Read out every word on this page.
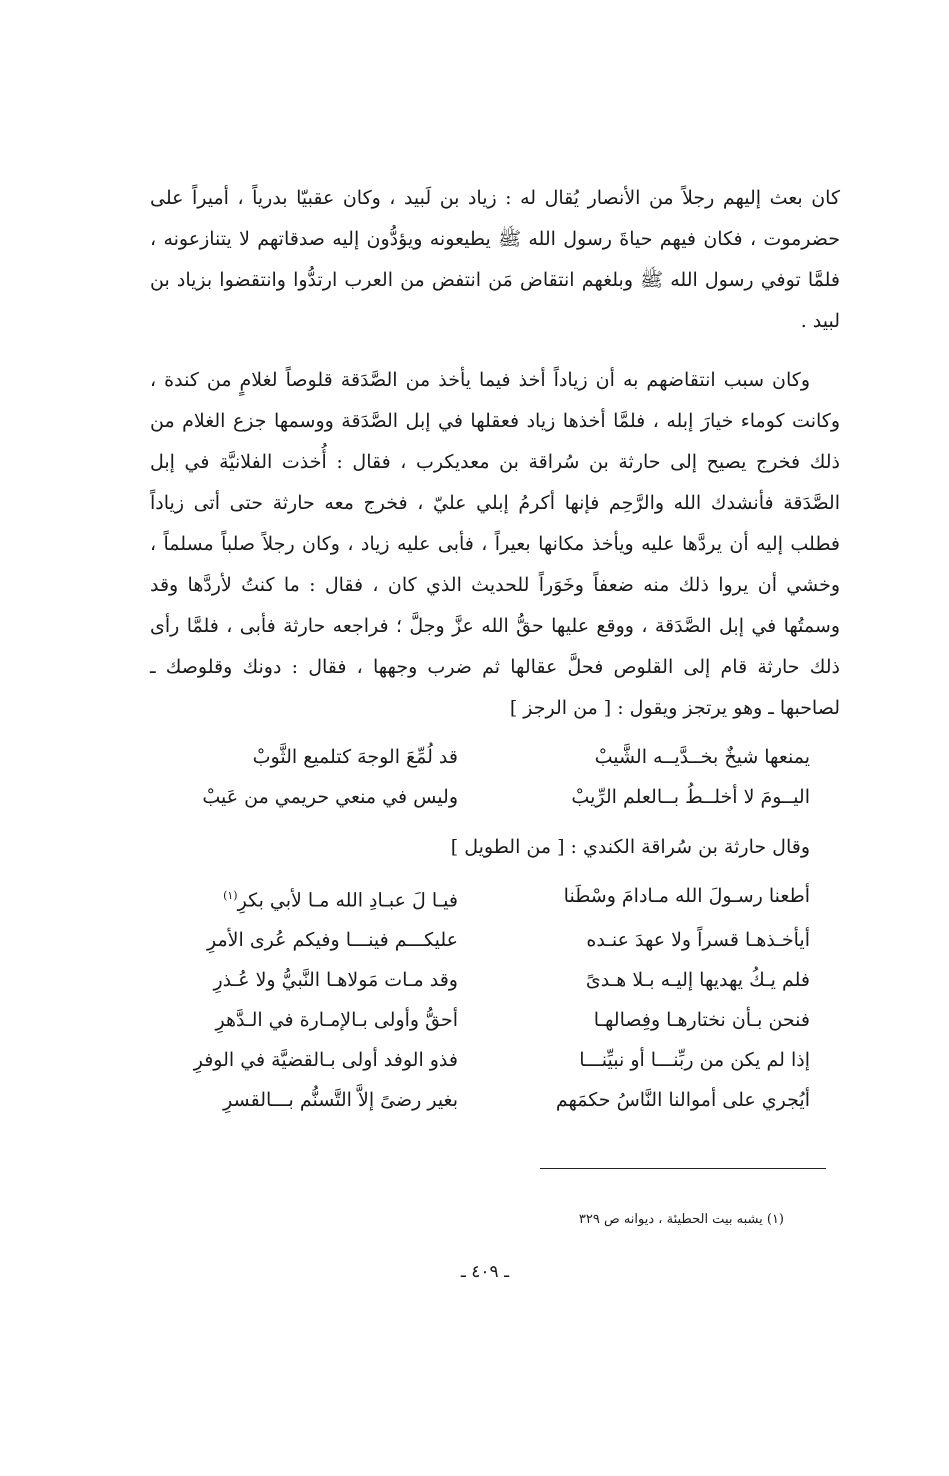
كان بعث إليهم رجلاً من الأنصار يُقال له : زياد بن لَبيد ، وكان عقبيّا بدرياً ، أميراً على حضرموت ، فكان فيهم حياةَ رسول الله ﷺ يطيعونه ويؤدُّون إليه صدقاتهم لا يتنازعونه ، فلمَّا توفي رسول الله ﷺ وبلغهم انتقاض مَن انتفض من العرب ارتدُّوا وانتقضوا بزياد بن لبيد .

وكان سبب انتقاضهم به أن زياداً أخذ فيما يأخذ من الصَّدَقة قلوصاً لغلامٍ من كندة ، وكانت كوماء خيارَ إبله ، فلمَّا أخذها زياد فعقلها في إبل الصَّدَقة ووسمها جزع الغلام من ذلك فخرج يصيح إلى حارثة بن سُراقة بن معديكرب ، فقال : أُخذت الفلانيَّة في إبل الصَّدَقة فأنشدك الله والرَّحِم فإنها أكرمُ إبلي عليّ ، فخرج معه حارثة حتى أتى زياداً فطلب إليه أن يردَّها عليه ويأخذ مكانها بعيراً ، فأبى عليه زياد ، وكان رجلاً صلباً مسلماً ، وخشي أن يروا ذلك منه ضعفاً وخَوَراً للحديث الذي كان ، فقال : ما كنتُ لأردَّها وقد وسمتُها في إبل الصَّدَقة ، ووقع عليها حقُّ الله عزَّ وجلَّ ؛ فراجعه حارثة فأبى ، فلمَّا رأى ذلك حارثة قام إلى القلوص فحلَّ عقالها ثم ضرب وجهها ، فقال : دونك وقلوصك ـ لصاحبها ـ وهو يرتجز ويقول : [ من الرجز ]

يمنعها شيخٌ بخــدَّيــه الشَّيبْ
قد لُمِّعَ الوجهَ كتلميع الثَّوبْ
اليــومَ لا أخلــطُ بــالعلم الرِّيبْ
وليس في منعي حريمي من عَيبْ

وقال حارثة بن سُراقة الكندي : [ من الطويل ]

أطعنا رسـولَ الله مـادامَ وسْطَنا
فيـا لَ عبـادِ الله مـا لأبي بكرِ$^{(١)}$
أيأخـذهـا قسراً ولا عهدَ عنـده
عليكـــم فينـــا وفيكم عُرى الأمرِ
فلم يـكُ يهديها إليـه بـلا هـدىً
وقد مـات مَولاهـا النَّبيُّ ولا عُـذرِ
فنحن بـأن نختارهـا وفِصالهـا
أحقُّ وأولى بـالإمـارة في الـدَّهرِ
إذا لم يكن من ربِّنـــا أو نبيِّنـــا
فذو الوفد أولى بـالقضيَّة في الوفرِ
أيُجري على أموالنا النَّاسُ حكمَهم
بغير رضىً إلاَّ التَّسنُّم بـــالقسرِ
(١) يشبه بيت الحطيئة ، ديوانه ص ٣٢٩
ـ ٤٠٩ ـ
